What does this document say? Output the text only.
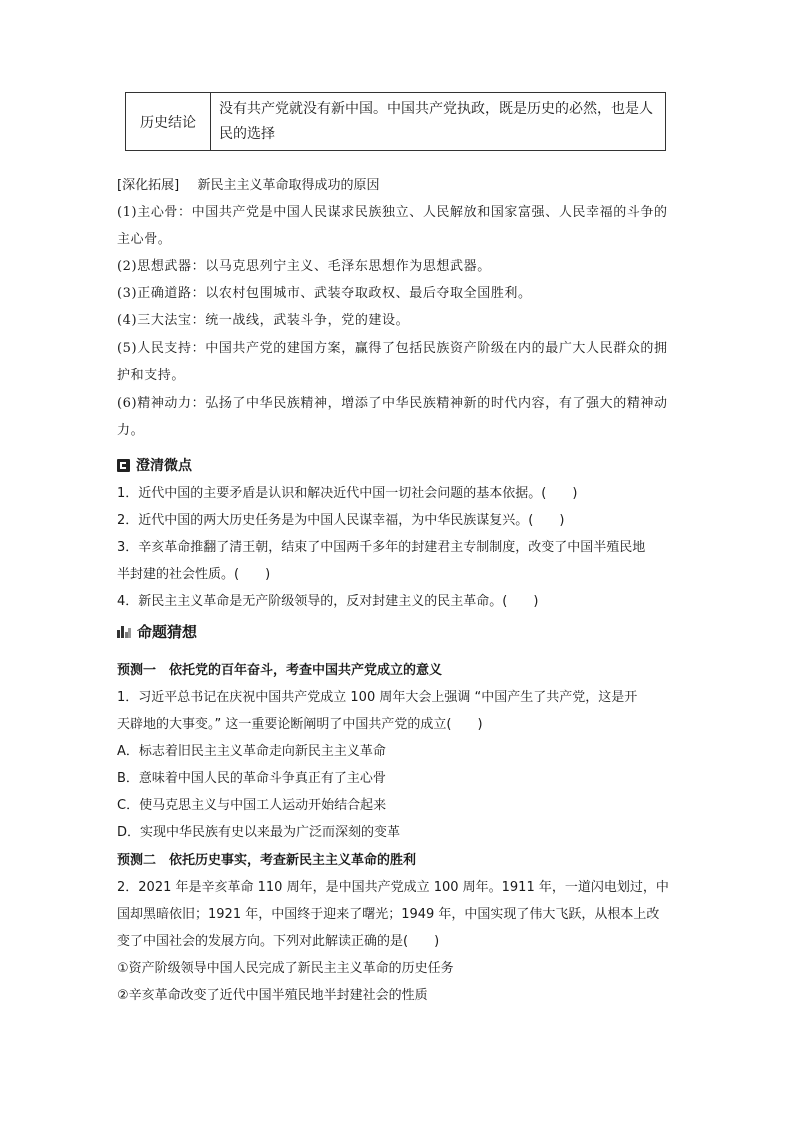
历史结论	没有共产党就没有新中国。中国共产党执政，既是历史的必然，也是人民的选择
[深化拓展] 新民主主义革命取得成功的原因
(1)主心骨：中国共产党是中国人民谋求民族独立、人民解放和国家富强、人民幸福的斗争的
主心骨。
(2)思想武器：以马克思列宁主义、毛泽东思想作为思想武器。
(3)正确道路：以农村包围城市、武装夺取政权、最后夺取全国胜利。
(4)三大法宝：统一战线，武装斗争，党的建设。
(5)人民支持：中国共产党的建国方案，赢得了包括民族资产阶级在内的最广大人民群众的拥
护和支持。
(6)精神动力：弘扬了中华民族精神，增添了中华民族精神新的时代内容，有了强大的精神动
力。
澄清微点
1．近代中国的主要矛盾是认识和解决近代中国一切社会问题的基本依据。(　　)
2．近代中国的两大历史任务是为中国人民谋幸福，为中华民族谋复兴。(　　)
3．辛亥革命推翻了清王朝，结束了中国两千多年的封建君主专制制度，改变了中国半殖民地
半封建的社会性质。(　　)
4．新民主主义革命是无产阶级领导的，反对封建主义的民主革命。(　　)
命题猜想
预测一　依托党的百年奋斗，考查中国共产党成立的意义
1．习近平总书记在庆祝中国共产党成立 100 周年大会上强调 “中国产生了共产党，这是开
天辟地的大事变。” 这一重要论断阐明了中国共产党的成立(　　)
A．标志着旧民主主义革命走向新民主主义革命
B．意味着中国人民的革命斗争真正有了主心骨
C．使马克思主义与中国工人运动开始结合起来
D．实现中华民族有史以来最为广泛而深刻的变革
预测二　依托历史事实，考查新民主主义革命的胜利
2．2021 年是辛亥革命 110 周年，是中国共产党成立 100 周年。1911 年，一道闪电划过，中
国却黑暗依旧；1921 年，中国终于迎来了曙光；1949 年，中国实现了伟大飞跃，从根本上改
变了中国社会的发展方向。下列对此解读正确的是(　　)
①资产阶级领导中国人民完成了新民主主义革命的历史任务
②辛亥革命改变了近代中国半殖民地半封建社会的性质
